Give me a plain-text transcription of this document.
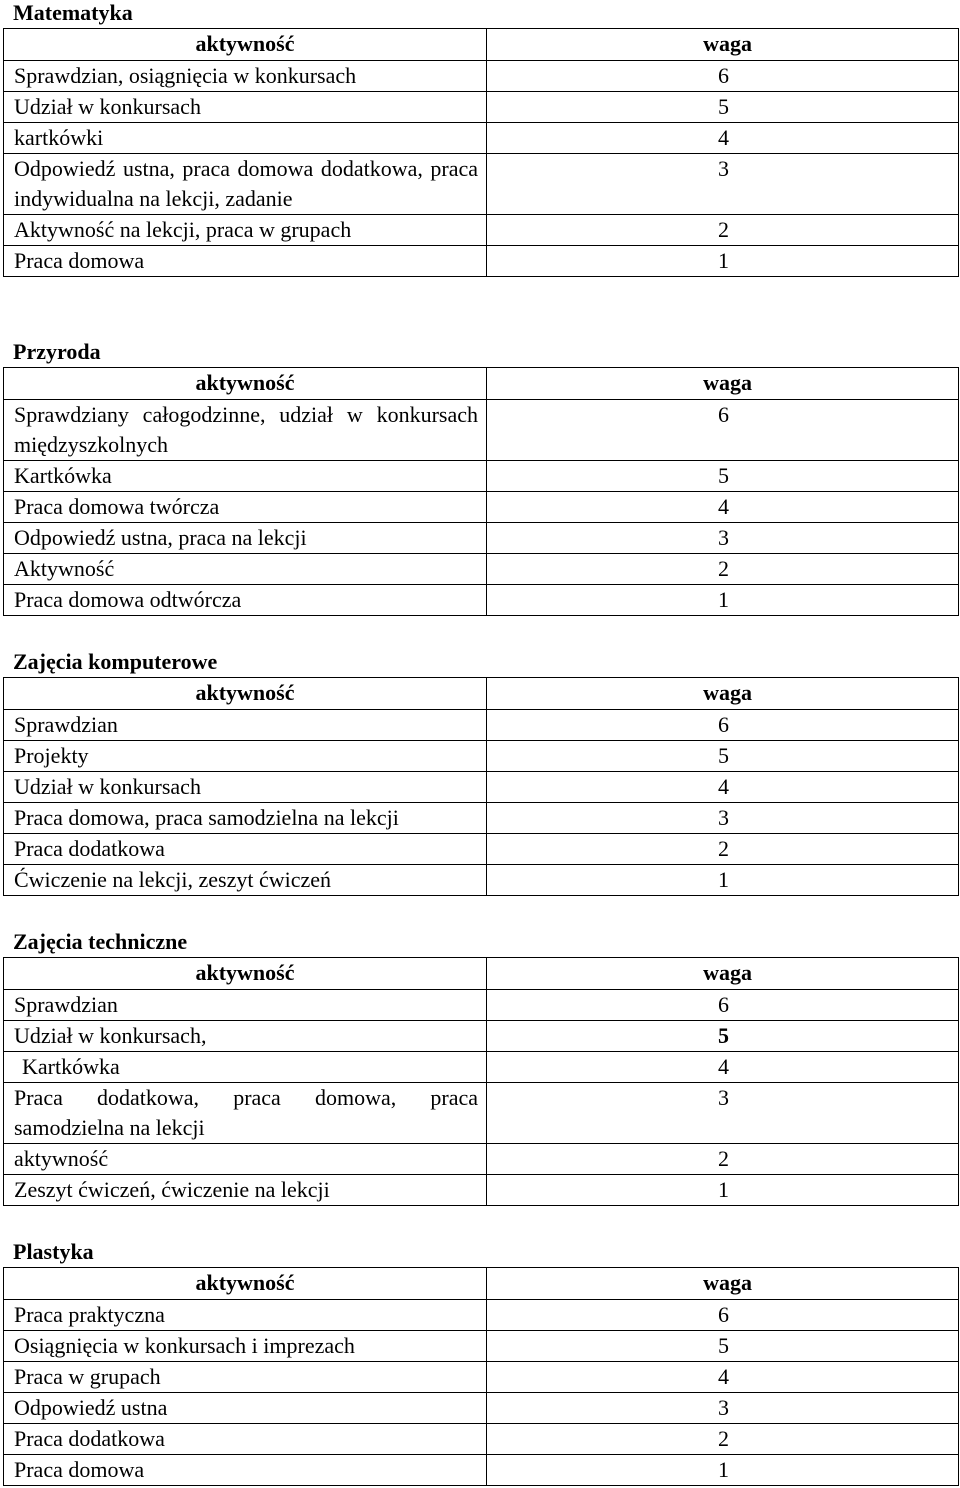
Matematyka
aktywność	waga
Sprawdzian, osiągnięcia w konkursach	6
Udział w konkursach	5
kartkówki	4
Odpowiedź ustna, praca domowa dodatkowa, praca indywidualna na lekcji, zadanie	3
Aktywność na lekcji, praca w grupach	2
Praca domowa	1
Przyroda
aktywność	waga
Sprawdziany całogodzinne, udział w konkursach międzyszkolnych	6
Kartkówka	5
Praca domowa twórcza	4
Odpowiedź ustna, praca na lekcji	3
Aktywność	2
Praca domowa odtwórcza	1
Zajęcia komputerowe
aktywność	waga
Sprawdzian	6
Projekty	5
Udział w konkursach	4
Praca domowa, praca samodzielna na lekcji	3
Praca dodatkowa	2
Ćwiczenie na lekcji, zeszyt ćwiczeń	1
Zajęcia techniczne
aktywność	waga
Sprawdzian	6
Udział w konkursach,	5
Kartkówka	4
Praca dodatkowa, praca domowa, praca samodzielna na lekcji	3
aktywność	2
Zeszyt ćwiczeń, ćwiczenie na lekcji	1
Plastyka
aktywność	waga
Praca praktyczna	6
Osiągnięcia w konkursach i imprezach	5
Praca w grupach	4
Odpowiedź ustna	3
Praca dodatkowa	2
Praca domowa	1
